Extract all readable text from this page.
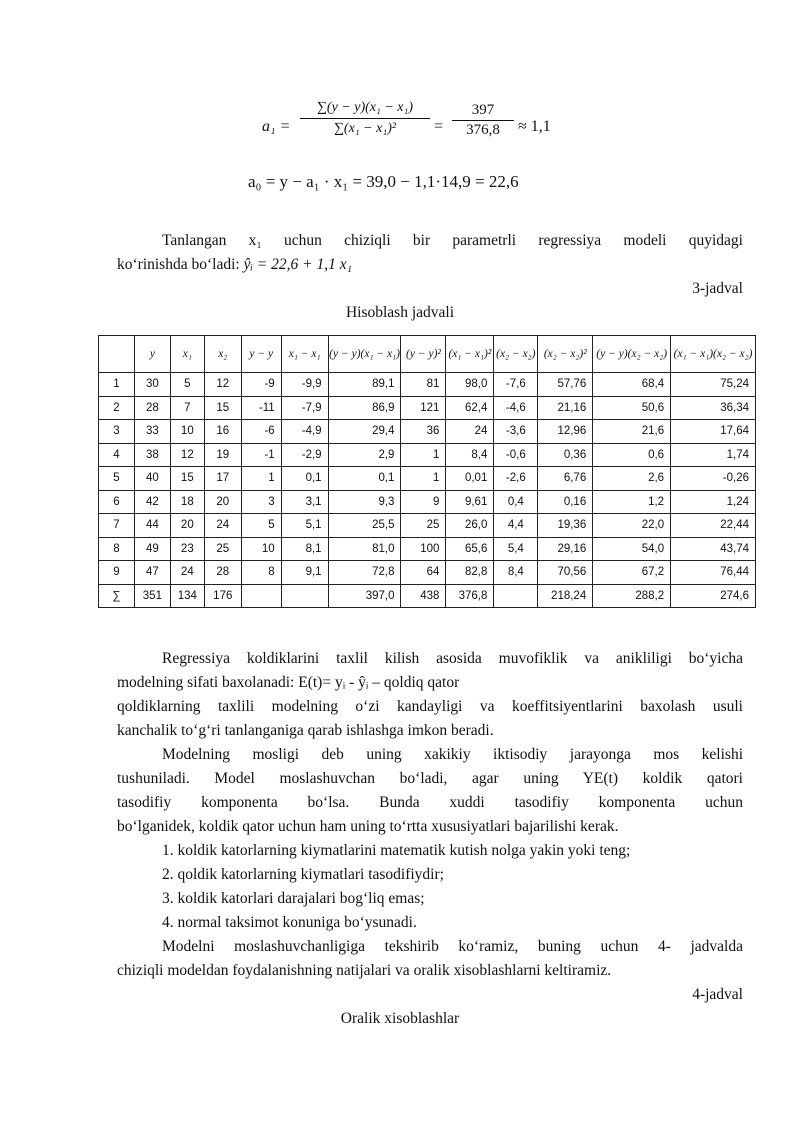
a₁ =
∑(y − y)(x₁ − x₁)
∑(x₁ − x₁)²	=
397
376,8	≈ 1,1
a₀ = y − a₁ · x₁ = 39,0 − 1,1·14,9 = 22,6
Tanlangan x₁ uchun chiziqli bir parametrli regressiya modeli quyidagi
ko‘rinishda bo‘ladi: ŷᵢ = 22,6 + 1,1 x₁
3-jadval
Hisoblash jadvali
	y	x₁	x₂	y − y	x₁ − x₁	(y − y)(x₁ − x₁)	(y − y)²	(x₁ − x₁)²	(x₂ − x₂)	(x₂ − x₂)²	(y − y)(x₂ − x₂)	(x₁ − x₁)(x₂ − x₂)
1	30	5	12	-9	-9,9	89,1	81	98,0	-7,6	57,76	68,4	75,24
2	28	7	15	-11	-7,9	86,9	121	62,4	-4,6	21,16	50,6	36,34
3	33	10	16	-6	-4,9	29,4	36	24	-3,6	12,96	21,6	17,64
4	38	12	19	-1	-2,9	2,9	1	8,4	-0,6	0,36	0,6	1,74
5	40	15	17	1	0,1	0,1	1	0,01	-2,6	6,76	2,6	-0,26
6	42	18	20	3	3,1	9,3	9	9,61	0,4	0,16	1,2	1,24
7	44	20	24	5	5,1	25,5	25	26,0	4,4	19,36	22,0	22,44
8	49	23	25	10	8,1	81,0	100	65,6	5,4	29,16	54,0	43,74
9	47	24	28	8	9,1	72,8	64	82,8	8,4	70,56	67,2	76,44
∑	351	134	176			397,0	438	376,8		218,24	288,2	274,6
Regressiya koldiklarini taxlil kilish asosida muvofiklik va anikliligi bo‘yicha
modelning sifati baxolanadi: E(t)= yᵢ - ŷᵢ – qoldiq qator
qoldiklarning taxlili modelning o‘zi kandayligi va koeffitsiyentlarini baxolash usuli
kanchalik to‘g‘ri tanlanganiga qarab ishlashga imkon beradi.
Modelning mosligi deb uning xakikiy iktisodiy jarayonga mos kelishi
tushuniladi. Model moslashuvchan bo‘ladi, agar uning YE(t) koldik qatori
tasodifiy komponenta bo‘lsa. Bunda xuddi tasodifiy komponenta uchun
bo‘lganidek, koldik qator uchun ham uning to‘rtta xususiyatlari bajarilishi kerak.
1. koldik katorlarning kiymatlarini matematik kutish nolga yakin yoki teng;
2. qoldik katorlarning kiymatlari tasodifiydir;
3. koldik katorlari darajalari bog‘liq emas;
4. normal taksimot konuniga bo‘ysunadi.
Modelni moslashuvchanligiga tekshirib ko‘ramiz, buning uchun 4- jadvalda
chiziqli modeldan foydalanishning natijalari va oralik xisoblashlarni keltiramiz.
4-jadval
Oralik xisoblashlar
